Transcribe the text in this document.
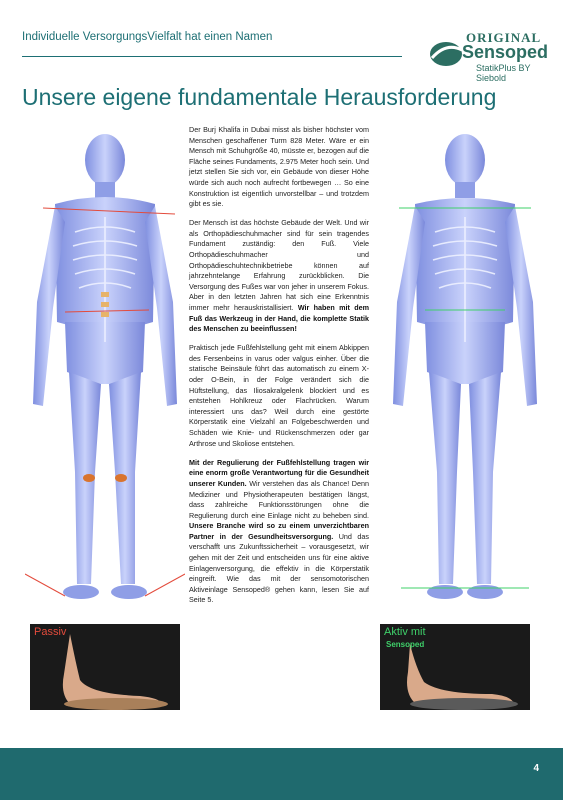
Individuelle VersorgungsVielfalt hat einen Namen	ORIGINAL
Sensoped
StatikPlus BY Siebold
Unsere eigene fundamentale Herausforderung

Der Burj Khalifa in Dubai misst als bisher höchster vom Menschen geschaffener Turm 828 Meter. Wäre er ein Mensch mit Schuhgröße 40, müsste er, bezogen auf die Fläche seines Fundaments, 2.975 Meter hoch sein. Und jetzt stellen Sie sich vor, ein Gebäude von dieser Höhe würde sich auch noch aufrecht fortbewegen … So eine Konstruktion ist eigentlich unvorstellbar – und trotzdem gibt es sie.

Der Mensch ist das höchste Gebäude der Welt. Und wir als Orthopädieschuhmacher sind für sein tragendes Fundament zuständig: den Fuß. Viele Orthopädieschuhmacher und Orthopädieschuhtechnikbetriebe können auf jahrzehntelange Erfahrung zurückblicken. Die Versorgung des Fußes war von jeher in unserem Fokus. Aber in den letzten Jahren hat sich eine Erkenntnis immer mehr herauskristallisiert. Wir haben mit dem Fuß das Werkzeug in der Hand, die komplette Statik des Menschen zu beeinflussen!

Praktisch jede Fußfehlstellung geht mit einem Abkippen des Fersenbeins in varus oder valgus einher. Über die statische Beinsäule führt das automatisch zu einem X- oder O-Bein, in der Folge verändert sich die Hüftstellung, das Iliosakralgelenk blockiert und es entstehen Hohlkreuz oder Flachrücken. Warum interessiert uns das? Weil durch eine gestörte Körperstatik eine Vielzahl an Folgebeschwerden und Schäden wie Knie- und Rückenschmerzen oder gar Arthrose und Skoliose entstehen.

Mit der Regulierung der Fußfehlstellung tragen wir eine enorm große Verantwortung für die Gesundheit unserer Kunden. Wir verstehen das als Chance! Denn Mediziner und Physiotherapeuten bestätigen längst, dass zahlreiche Funktionsstörungen ohne die Regulierung durch eine Einlage nicht zu beheben sind. Unsere Branche wird so zu einem unverzichtbaren Partner in der Gesundheitsversorgung. Und das verschafft uns Zukunftssicherheit – vorausgesetzt, wir gehen mit der Zeit und entscheiden uns für eine aktive Einlagenversorgung, die effektiv in die Körperstatik eingreift. Wie das mit der sensomotorischen Aktiveinlage Sensoped® gehen kann, lesen Sie auf Seite 5.

Passiv	Aktiv mit
Sensoped
4
